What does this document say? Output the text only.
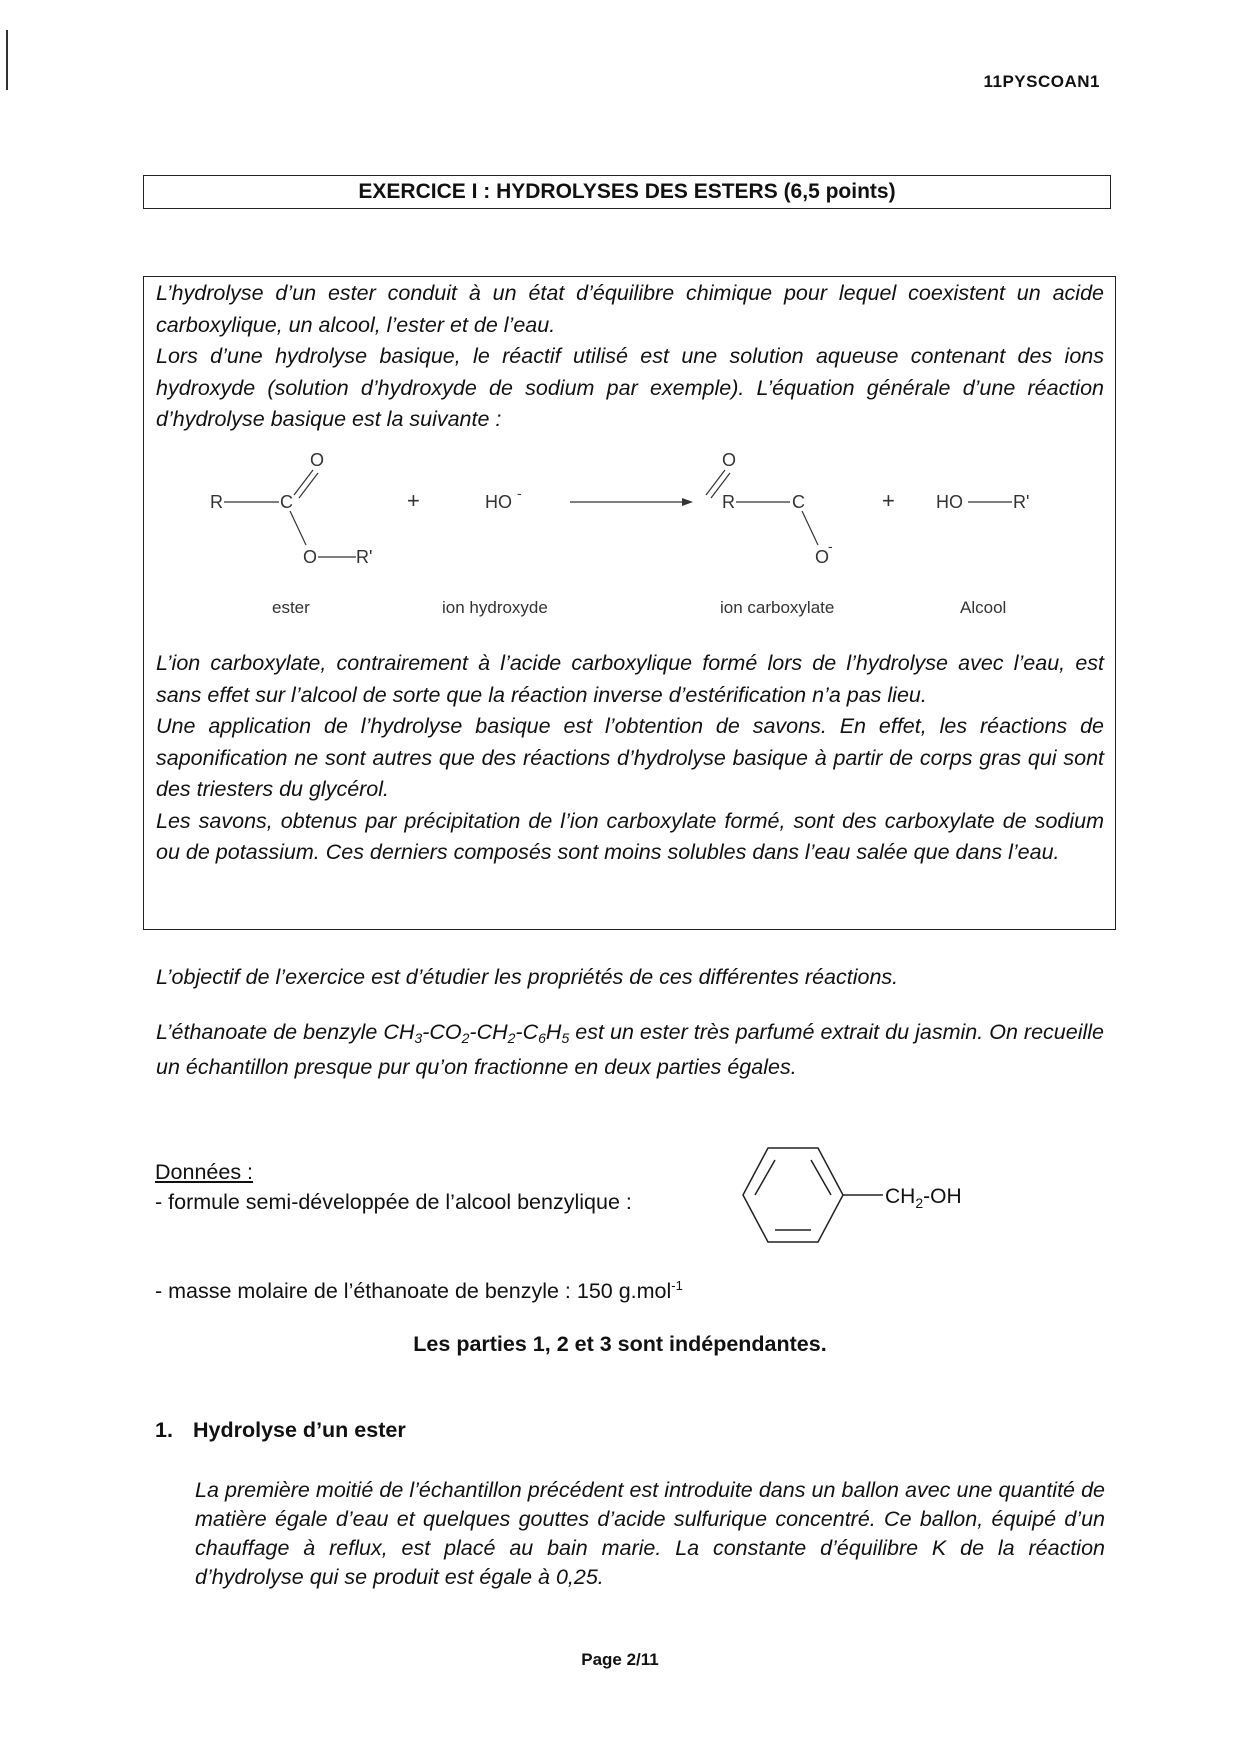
11PYSCOAN1
EXERCICE I : HYDROLYSES DES ESTERS (6,5 points)

L’hydrolyse d’un ester conduit à un état d’équilibre chimique pour lequel coexistent un acide carboxylique, un alcool, l’ester et de l’eau.

Lors d’une hydrolyse basique, le réactif utilisé est une solution aqueuse contenant des ions hydroxyde (solution d’hydroxyde de sodium par exemple). L’équation générale d’une réaction d’hydrolyse basique est la suivante :

O
R	C
O R'
+	HO -
O
R	C
O
-
+ HO	R'
ester	ion hydroxyde	ion carboxylate	Alcool

L’ion carboxylate, contrairement à l’acide carboxylique formé lors de l’hydrolyse avec l’eau, est sans effet sur l’alcool de sorte que la réaction inverse d’estérification n’a pas lieu.

Une application de l’hydrolyse basique est l’obtention de savons. En effet, les réactions de saponification ne sont autres que des réactions d’hydrolyse basique à partir de corps gras qui sont des triesters du glycérol.

Les savons, obtenus par précipitation de l’ion carboxylate formé, sont des carboxylate de sodium ou de potassium. Ces derniers composés sont moins solubles dans l’eau salée que dans l’eau.

L’objectif de l’exercice est d’étudier les propriétés de ces différentes réactions.

L’éthanoate de benzyle $CH_3-CO_2-CH_2-C_6H_5$ est un ester très parfumé extrait du jasmin. On recueille un échantillon presque pur qu’on fractionne en deux parties égales.

Données :
- formule semi-développée de l’alcool benzylique :	$CH_2-OH$
- masse molaire de l’éthanoate de benzyle : 150 g.mol$^{-1}$
Les parties 1, 2 et 3 sont indépendantes.
1. Hydrolyse d’un ester

La première moitié de l’échantillon précédent est introduite dans un ballon avec une quantité de matière égale d’eau et quelques gouttes d’acide sulfurique concentré. Ce ballon, équipé d’un chauffage à reflux, est placé au bain marie. La constante d’équilibre K de la réaction d’hydrolyse qui se produit est égale à 0,25.

Page 2/11
